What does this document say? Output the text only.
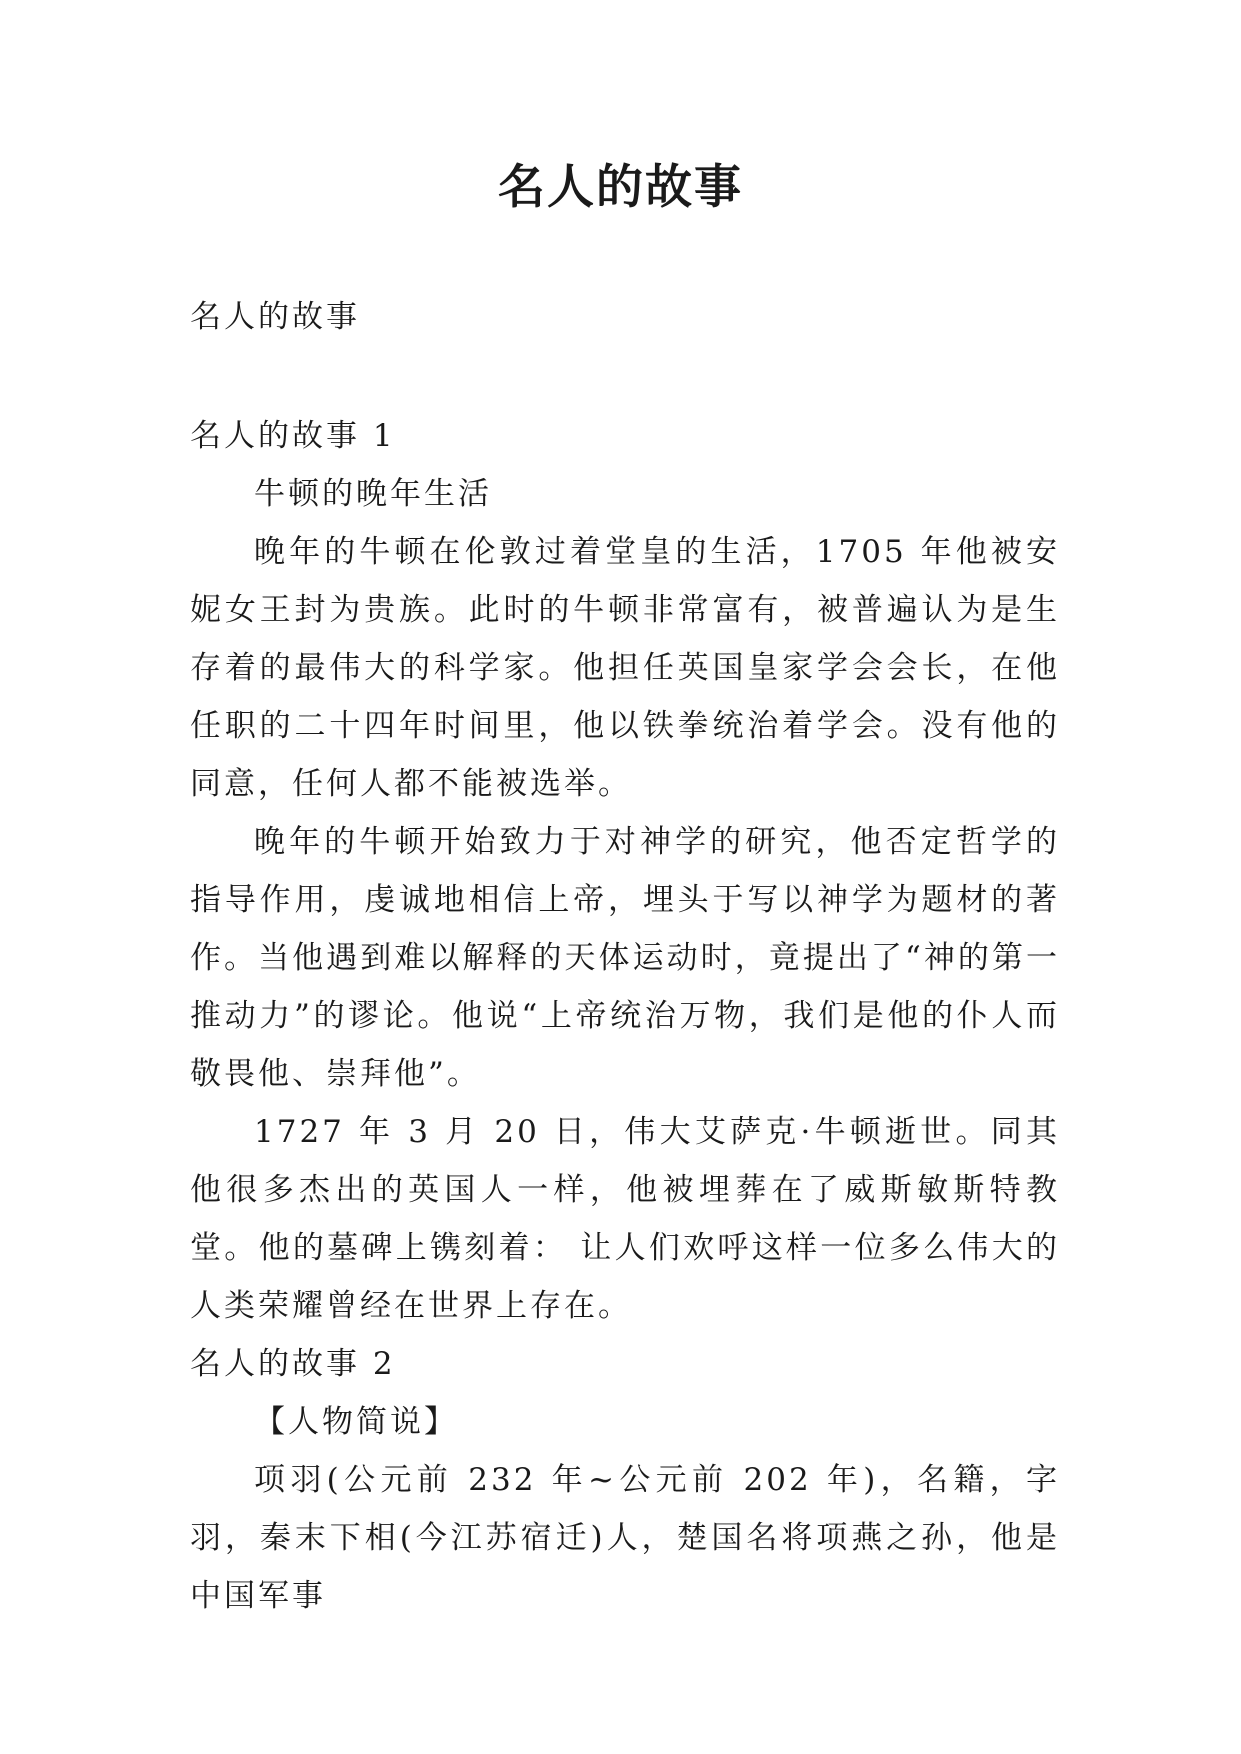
名人的故事

名人的故事

名人的故事 1

牛顿的晚年生活

晚年的牛顿在伦敦过着堂皇的生活，1705 年他被安妮女王封为贵族。此时的牛顿非常富有，被普遍认为是生存着的最伟大的科学家。他担任英国皇家学会会长，在他任职的二十四年时间里，他以铁拳统治着学会。没有他的同意，任何人都不能被选举。

晚年的牛顿开始致力于对神学的研究，他否定哲学的指导作用，虔诚地相信上帝，埋头于写以神学为题材的著作。当他遇到难以解释的天体运动时，竟提出了“神的第一推动力”的谬论。他说“上帝统治万物，我们是他的仆人而敬畏他、崇拜他”。

1727 年 3 月 20 日，伟大艾萨克·牛顿逝世。同其他很多杰出的英国人一样，他被埋葬在了威斯敏斯特教堂。他的墓碑上镌刻着： 让人们欢呼这样一位多么伟大的人类荣耀曾经在世界上存在。

名人的故事 2

【人物简说】

项羽(公元前 232 年~公元前 202 年)，名籍，字羽，秦末下相(今江苏宿迁)人，楚国名将项燕之孙，他是中国军事
